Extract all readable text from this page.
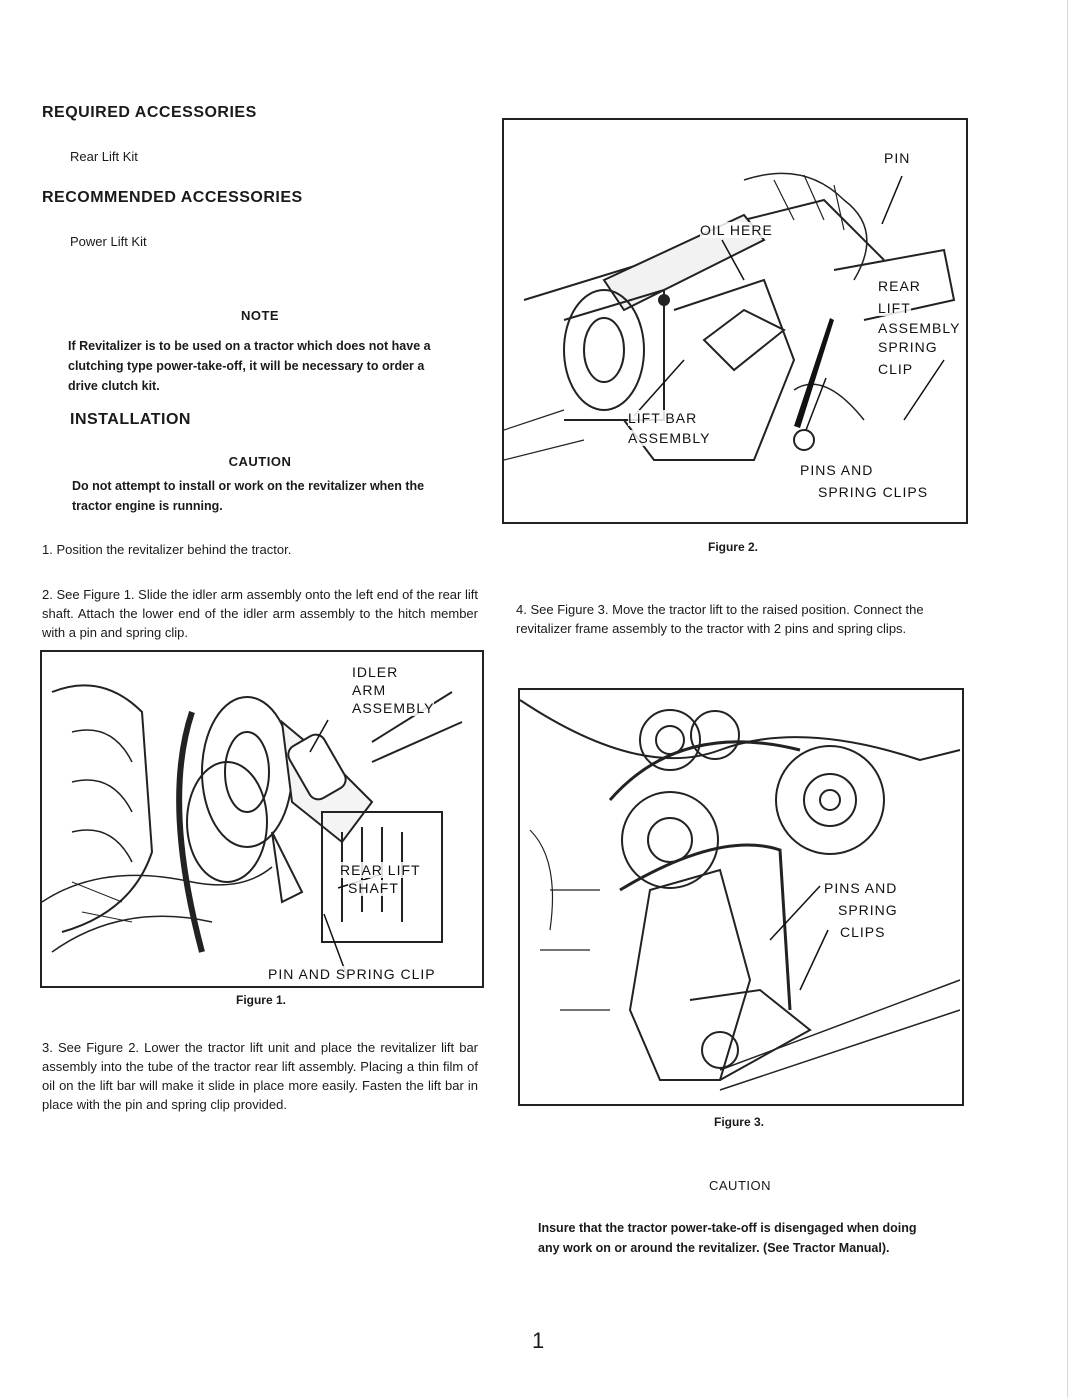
REQUIRED ACCESSORIES
Rear Lift Kit
RECOMMENDED ACCESSORIES
Power Lift Kit
NOTE
If Revitalizer is to be used on a tractor which does not have a clutching type power-take-off, it will be necessary to order a drive clutch kit.
INSTALLATION
CAUTION
Do not attempt to install or work on the revitalizer when the tractor engine is running.
1. Position the revitalizer behind the tractor.
2. See Figure 1. Slide the idler arm assembly onto the left end of the rear lift shaft. Attach the lower end of the idler arm assembly to the hitch member with a pin and spring clip.
IDLER
ARM
ASSEMBLY
REAR LIFT
SHAFT
PIN AND SPRING CLIP
Figure 1.
3. See Figure 2. Lower the tractor lift unit and place the revitalizer lift bar assembly into the tube of the tractor rear lift assembly. Placing a thin film of oil on the lift bar will make it slide in place more easily. Fasten the lift bar in place with the pin and spring clip provided.
PIN
OIL HERE
REAR
LIFT
ASSEMBLY
SPRING
CLIP
LIFT BAR
ASSEMBLY
PINS AND
SPRING CLIPS
Figure 2.
4. See Figure 3. Move the tractor lift to the raised position. Connect the revitalizer frame assembly to the tractor with 2 pins and spring clips.
PINS AND
SPRING
CLIPS
Figure 3.
CAUTION
Insure that the tractor power-take-off is disengaged when doing any work on or around the revitalizer. (See Tractor Manual).
1
